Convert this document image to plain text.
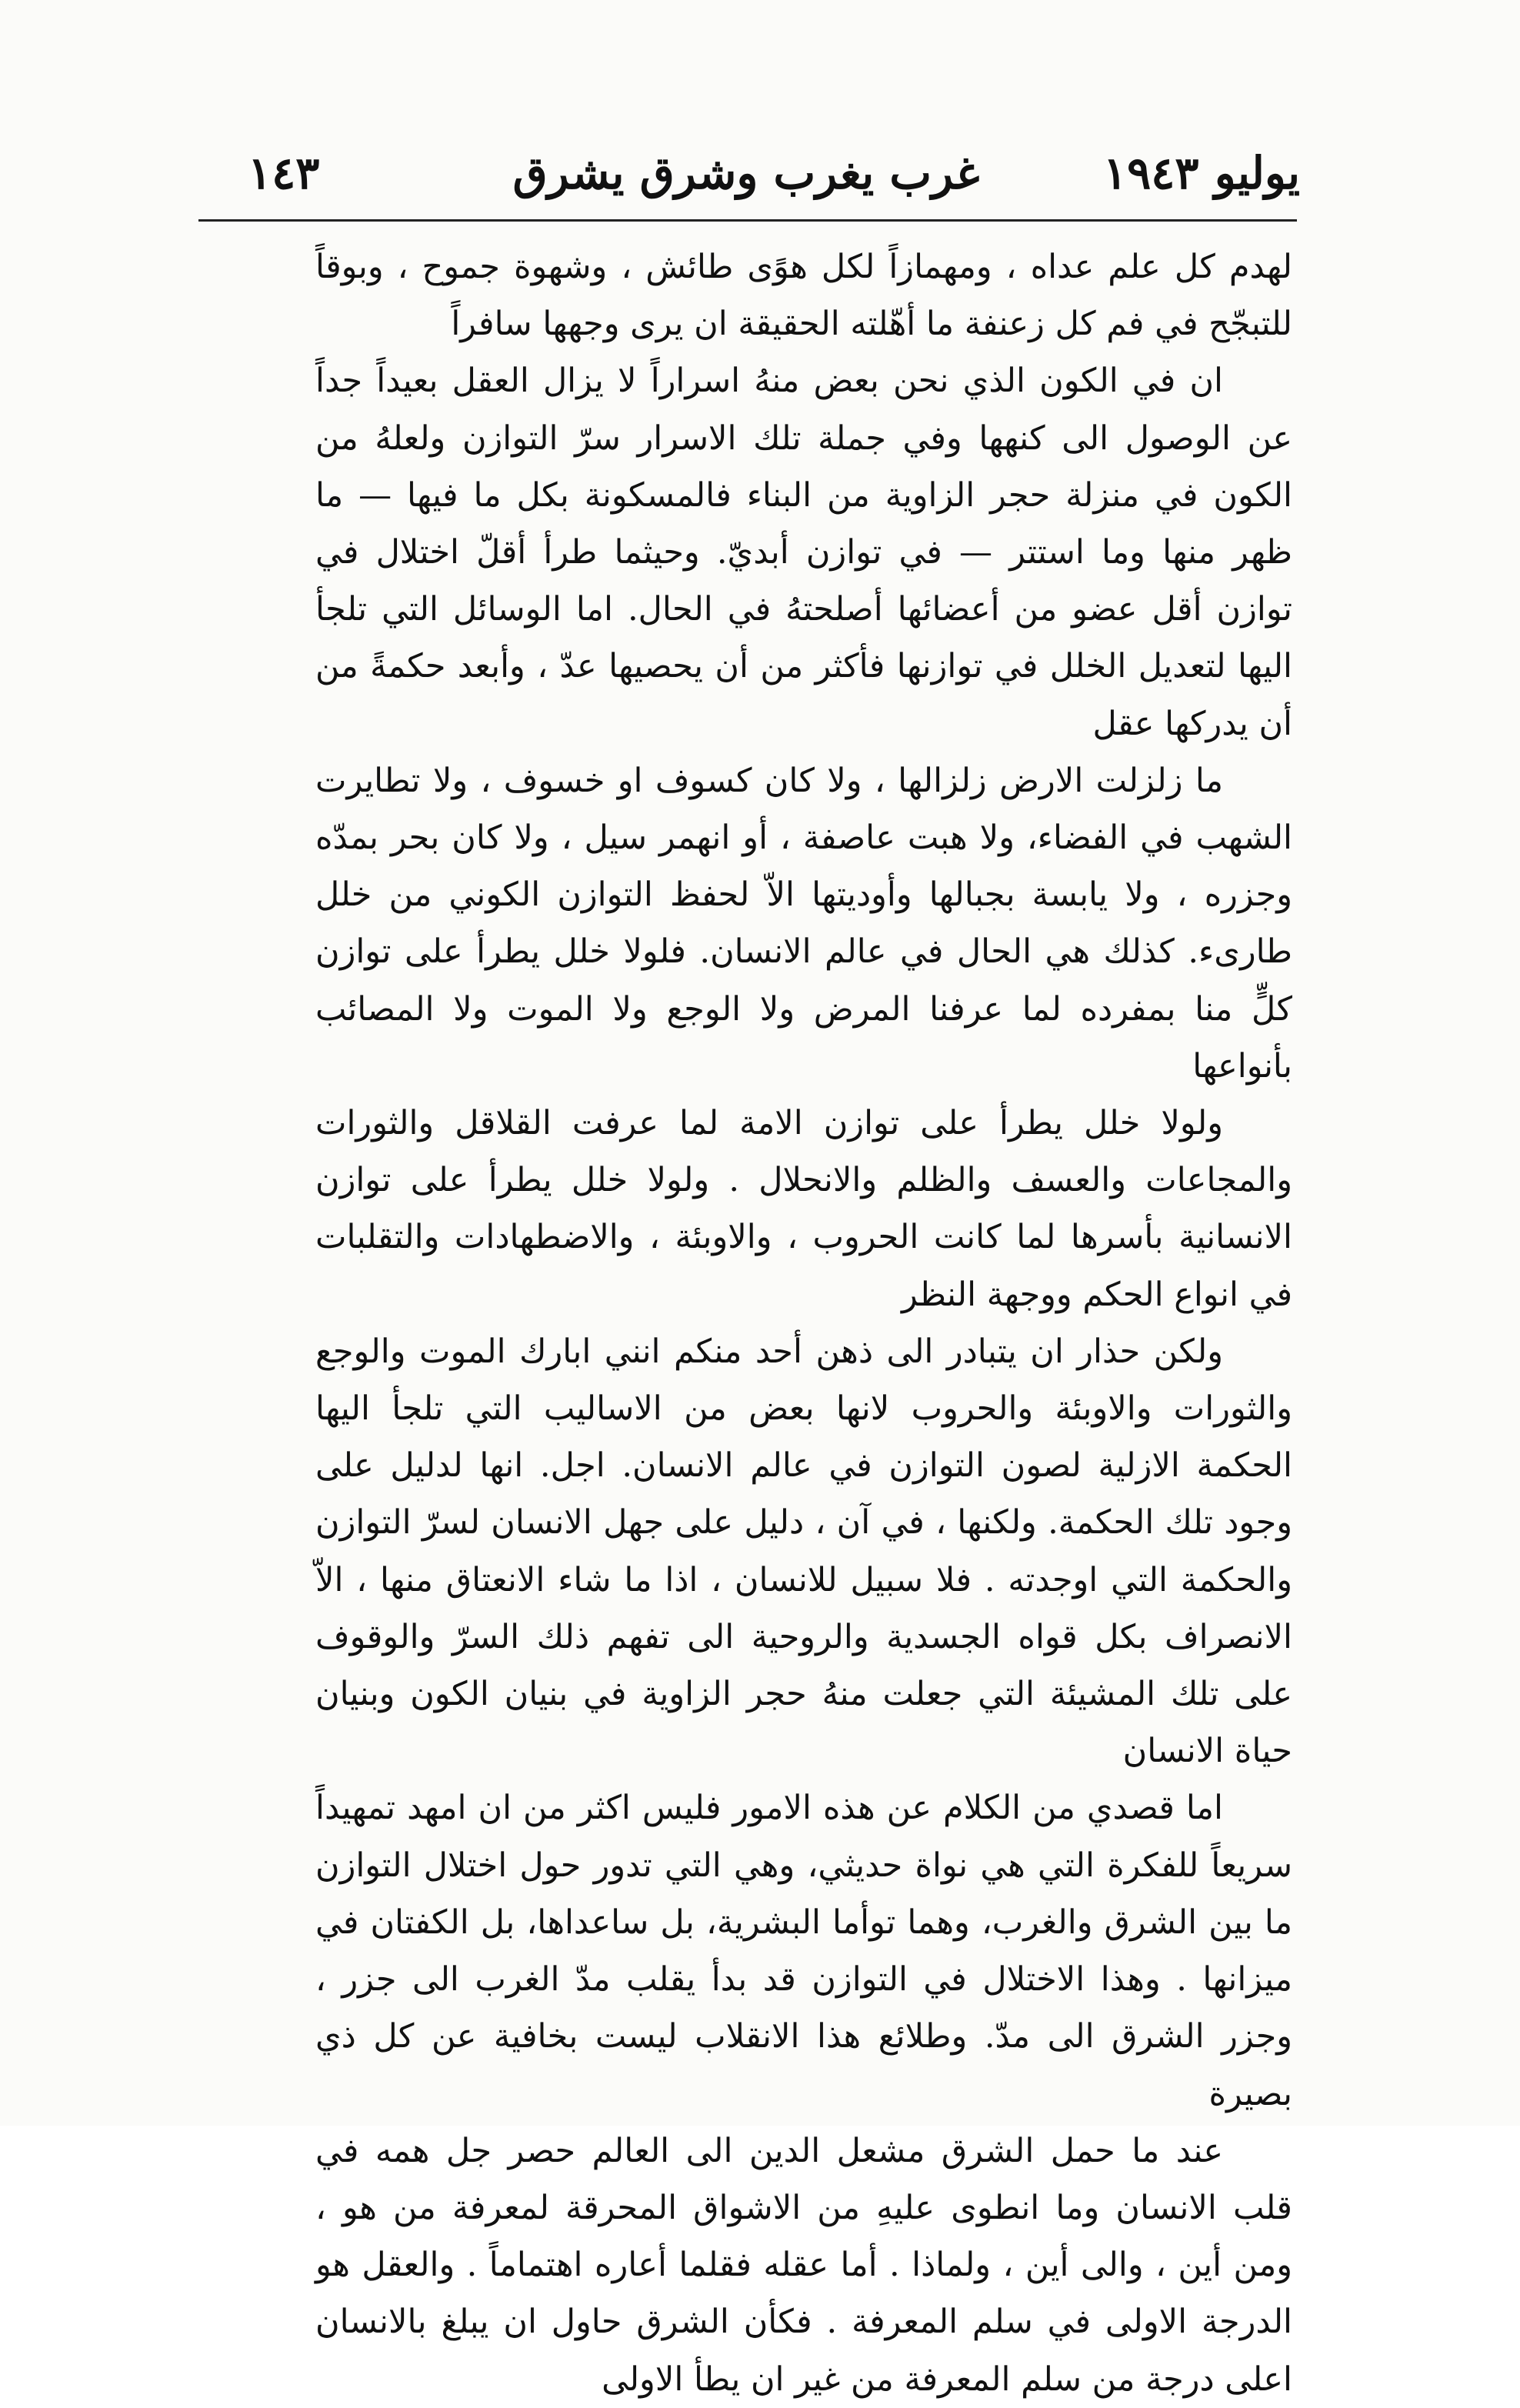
يوليو ١٩٤٣
غرب يغرب وشرق يشرق
١٤٣

لهدم كل علم عداه ، ومهمازاً لكل هوًى طائش ، وشهوة جموح ، وبوقاً للتبجّح في فم كل زعنفة ما أهّلته الحقيقة ان يرى وجهها سافراً

ان في الكون الذي نحن بعض منهُ اسراراً لا يزال العقل بعيداً جداً عن الوصول الى كنهها وفي جملة تلك الاسرار سرّ التوازن ولعلهُ من الكون في منزلة حجر الزاوية من البناء فالمسكونة بكل ما فيها — ما ظهر منها وما استتر — في توازن أبديّ. وحيثما طرأ أقلّ اختلال في توازن أقل عضو من أعضائها أصلحتهُ في الحال. اما الوسائل التي تلجأ اليها لتعديل الخلل في توازنها فأكثر من أن يحصيها عدّ ، وأبعد حكمةً من أن يدركها عقل

ما زلزلت الارض زلزالها ، ولا كان كسوف او خسوف ، ولا تطايرت الشهب في الفضاء، ولا هبت عاصفة ، أو انهمر سيل ، ولا كان بحر بمدّه وجزره ، ولا يابسة بجبالها وأوديتها الاّ لحفظ التوازن الكوني من خلل طارىء. كذلك هي الحال في عالم الانسان. فلولا خلل يطرأ على توازن كلٍّ منا بمفرده لما عرفنا المرض ولا الوجع ولا الموت ولا المصائب بأنواعها

ولولا خلل يطرأ على توازن الامة لما عرفت القلاقل والثورات والمجاعات والعسف والظلم والانحلال . ولولا خلل يطرأ على توازن الانسانية بأسرها لما كانت الحروب ، والاوبئة ، والاضطهادات والتقلبات في انواع الحكم ووجهة النظر

ولكن حذار ان يتبادر الى ذهن أحد منكم انني ابارك الموت والوجع والثورات والاوبئة والحروب لانها بعض من الاساليب التي تلجأ اليها الحكمة الازلية لصون التوازن في عالم الانسان. اجل. انها لدليل على وجود تلك الحكمة. ولكنها ، في آن ، دليل على جهل الانسان لسرّ التوازن والحكمة التي اوجدته . فلا سبيل للانسان ، اذا ما شاء الانعتاق منها ، الاّ الانصراف بكل قواه الجسدية والروحية الى تفهم ذلك السرّ والوقوف على تلك المشيئة التي جعلت منهُ حجر الزاوية في بنيان الكون وبنيان حياة الانسان

اما قصدي من الكلام عن هذه الامور فليس اكثر من ان امهد تمهيداً سريعاً للفكرة التي هي نواة حديثي، وهي التي تدور حول اختلال التوازن ما بين الشرق والغرب، وهما توأما البشرية، بل ساعداها، بل الكفتان في ميزانها . وهذا الاختلال في التوازن قد بدأ يقلب مدّ الغرب الى جزر ، وجزر الشرق الى مدّ. وطلائع هذا الانقلاب ليست بخافية عن كل ذي بصيرة

عند ما حمل الشرق مشعل الدين الى العالم حصر جل همه في قلب الانسان وما انطوى عليهِ من الاشواق المحرقة لمعرفة من هو ، ومن أين ، والى أين ، ولماذا . أما عقله فقلما أعاره اهتماماً . والعقل هو الدرجة الاولى في سلم المعرفة . فكأن الشرق حاول ان يبلغ بالانسان اعلى درجة من سلم المعرفة من غير ان يطأ الاولى
